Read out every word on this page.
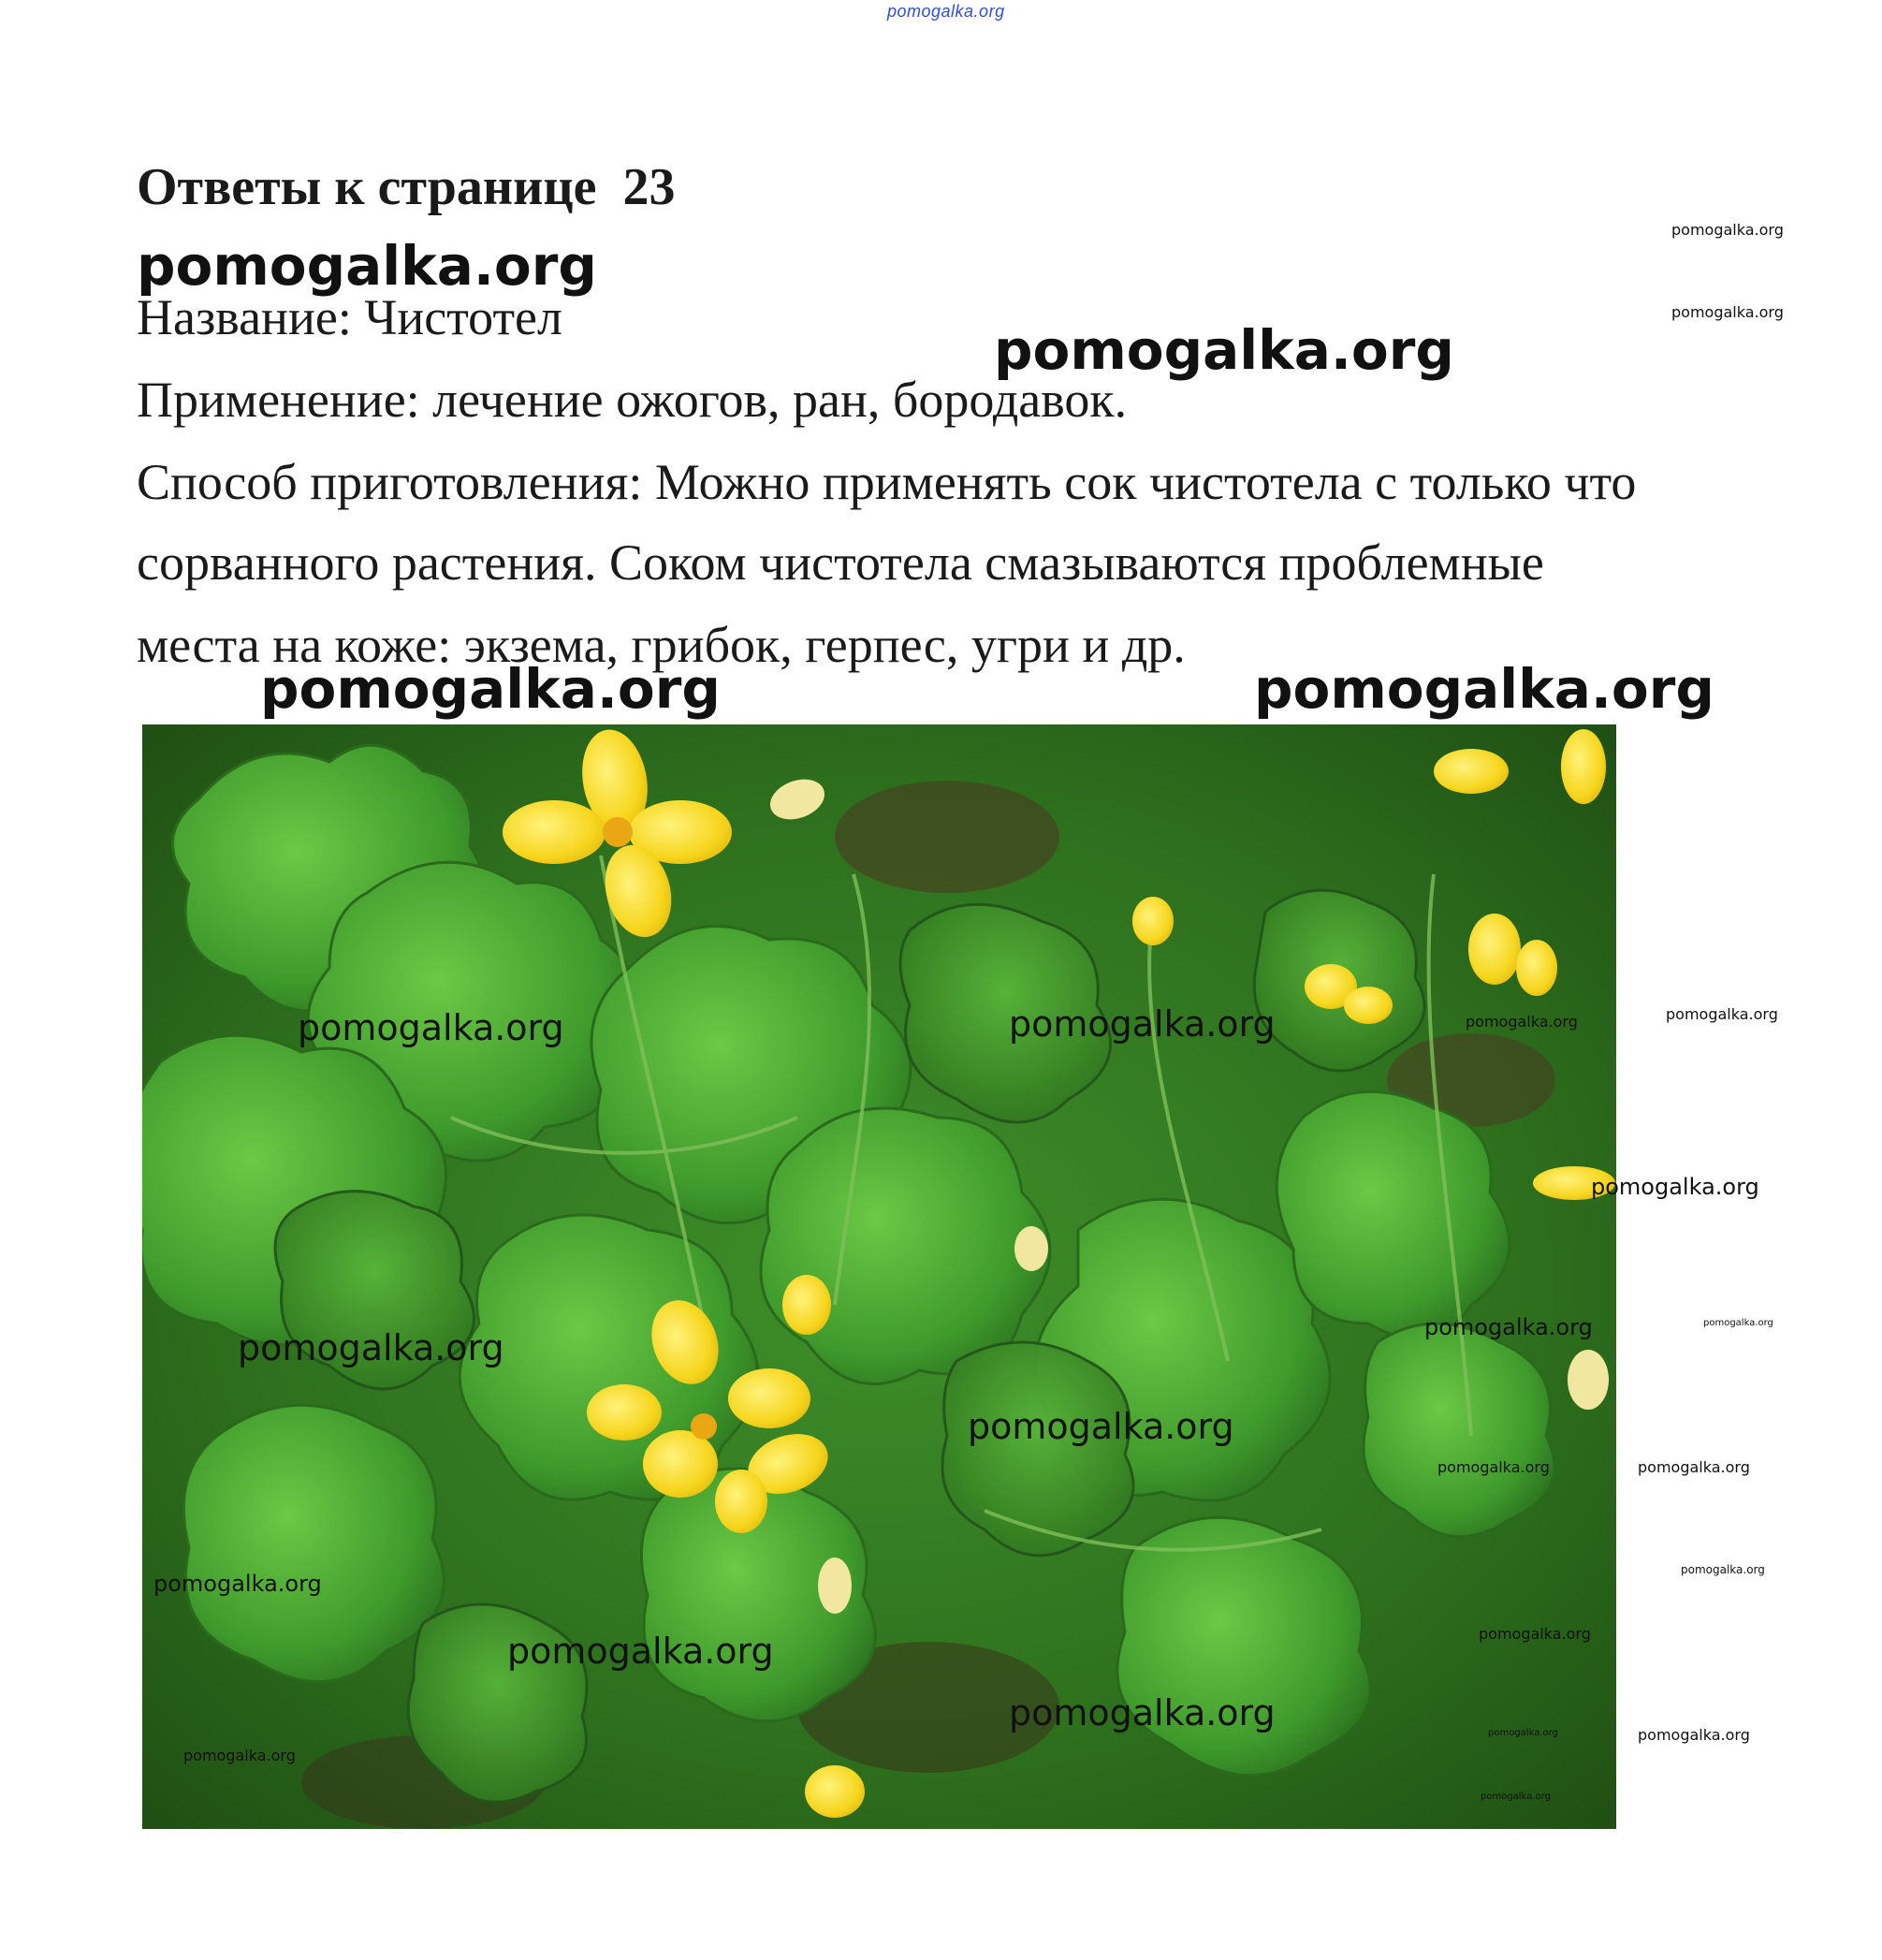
pomogalka.org
Ответы к странице  23
pomogalka.org
pomogalka.org
pomogalka.org
Название: Чистотел
pomogalka.org
Применение: лечение ожогов, ран, бородавок.
Способ приготовления: Можно применять сок чистотела с только что
сорванного растения. Соком чистотела смазываются проблемные
места на коже: экзема, грибок, герпес, угри и др.
pomogalka.org	pomogalka.org
pomogalka.org	pomogalka.org	pomogalka.org	pomogalka.org
pomogalka.org
pomogalka.org	pomogalka.org	pomogalka.org
pomogalka.org
pomogalka.org	pomogalka.org
pomogalka.org
pomogalka.org
pomogalka.org	pomogalka.org
pomogalka.org
pomogalka.org
pomogalka.org	pomogalka.org
pomogalka.org
